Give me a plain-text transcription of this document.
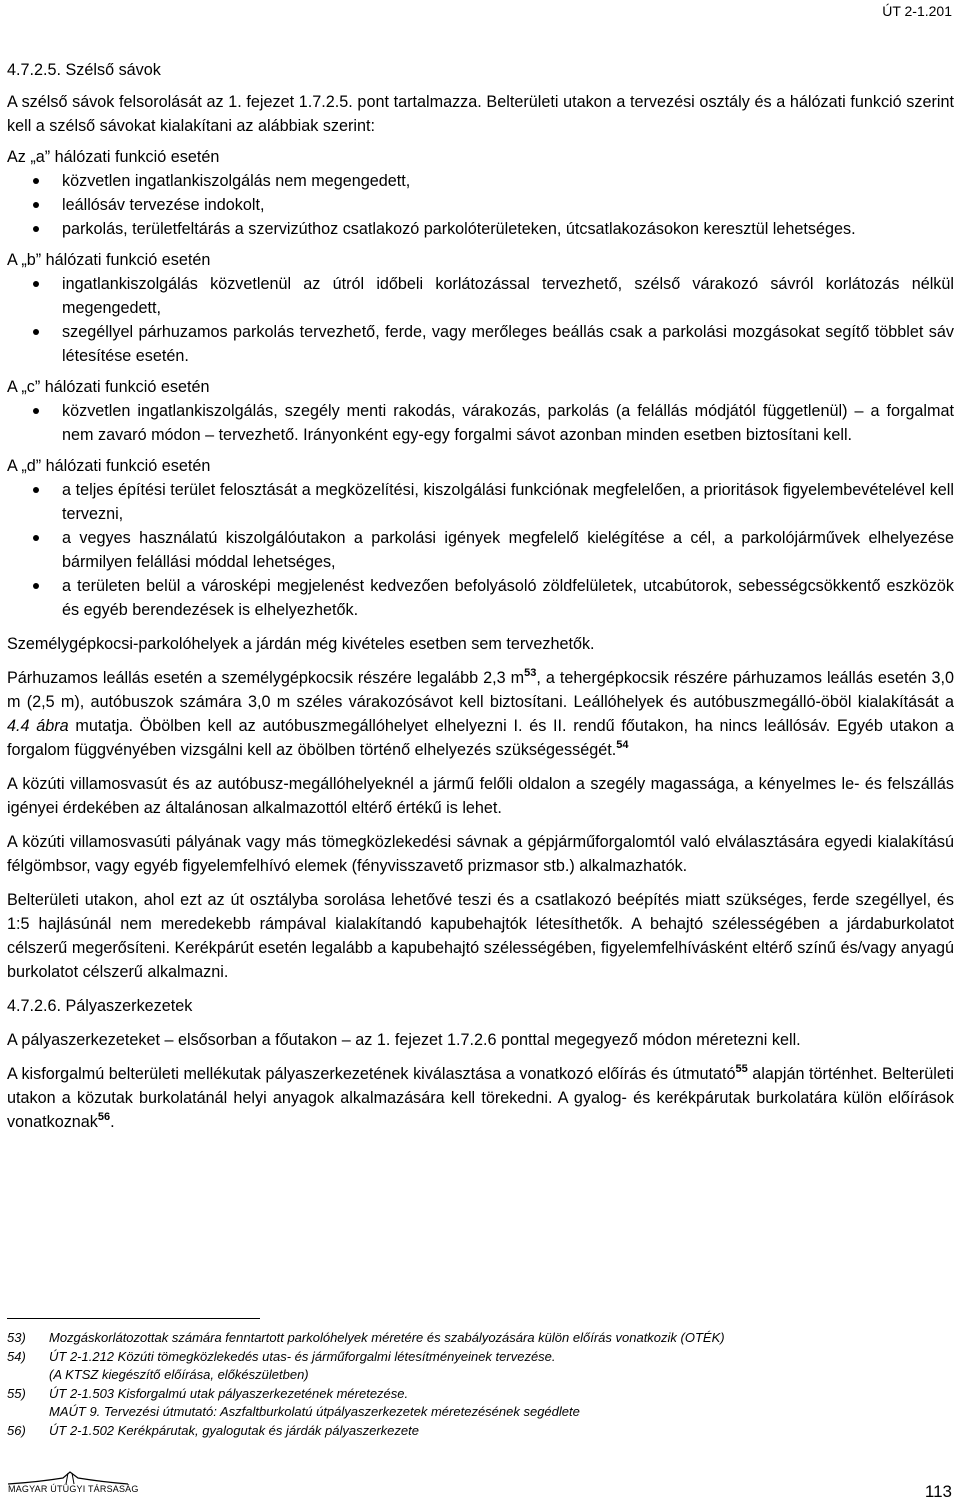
ÚT 2-1.201

4.7.2.5. Szélső sávok

A szélső sávok felsorolását az 1. fejezet 1.7.2.5. pont tartalmazza. Belterületi utakon a tervezési osztály és a hálózati funkció szerint kell a szélső sávokat kialakítani az alábbiak szerint:

Az „a” hálózati funkció esetén

közvetlen ingatlankiszolgálás nem megengedett,
leállósáv tervezése indokolt,
parkolás, területfeltárás a szervizúthoz csatlakozó parkolóterületeken, útcsatlakozásokon keresztül lehetséges.

A „b” hálózati funkció esetén

ingatlankiszolgálás közvetlenül az útról időbeli korlátozással tervezhető, szélső várakozó sávról korlátozás nélkül megengedett,
szegéllyel párhuzamos parkolás tervezhető, ferde, vagy merőleges beállás csak a parkolási mozgásokat segítő többlet sáv létesítése esetén.

A „c” hálózati funkció esetén

közvetlen ingatlankiszolgálás, szegély menti rakodás, várakozás, parkolás (a felállás módjától függetlenül) – a forgalmat nem zavaró módon – tervezhető. Irányonként egy-egy forgalmi sávot azonban minden esetben biztosítani kell.

A „d” hálózati funkció esetén

a teljes építési terület felosztását a megközelítési, kiszolgálási funkciónak megfelelően, a prioritások figyelembevételével kell tervezni,
a vegyes használatú kiszolgálóutakon a parkolási igények megfelelő kielégítése a cél, a parkolójárművek elhelyezése bármilyen felállási móddal lehetséges,
a területen belül a városképi megjelenést kedvezően befolyásoló zöldfelületek, utcabútorok, sebességcsökkentő eszközök és egyéb berendezések is elhelyezhetők.

Személygépkocsi-parkolóhelyek a járdán még kivételes esetben sem tervezhetők.

Párhuzamos leállás esetén a személygépkocsik részére legalább 2,3 $m^{53}$, a tehergépkocsik részére párhuzamos leállás esetén 3,0 m (2,5 m), autóbuszok számára 3,0 m széles várakozósávot kell biztosítani. Leállóhelyek és autóbuszmegálló-öböl kialakítását a 4.4 ábra mutatja. Öbölben kell az autóbuszmegállóhelyet elhelyezni I. és II. rendű főutakon, ha nincs leállósáv. Egyéb utakon a forgalom függvényében vizsgálni kell az öbölben történő elhelyezés szükségességét.$^{54}$

A közúti villamosvasút és az autóbusz-megállóhelyeknél a jármű felőli oldalon a szegély magassága, a kényelmes le- és felszállás igényei érdekében az általánosan alkalmazottól eltérő értékű is lehet.

A közúti villamosvasúti pályának vagy más tömegközlekedési sávnak a gépjárműforgalomtól való elválasztására egyedi kialakítású félgömbsor, vagy egyéb figyelemfelhívó elemek (fényvisszavető prizmasor stb.) alkalmazhatók.

Belterületi utakon, ahol ezt az út osztályba sorolása lehetővé teszi és a csatlakozó beépítés miatt szükséges, ferde szegéllyel, és 1:5 hajlásúnál nem meredekebb rámpával kialakítandó kapubehajtók létesíthetők. A behajtó szélességében a járdaburkolatot célszerű megerősíteni. Kerékpárút esetén legalább a kapubehajtó szélességében, figyelemfelhívásként eltérő színű és/vagy anyagú burkolatot célszerű alkalmazni.

4.7.2.6. Pályaszerkezetek

A pályaszerkezeteket – elsősorban a főutakon – az 1. fejezet 1.7.2.6 ponttal megegyező módon méretezni kell.

A kisforgalmú belterületi mellékutak pályaszerkezetének kiválasztása a vonatkozó előírás és útmutató$^{55}$ alapján történhet. Belterületi utakon a közutak burkolatánál helyi anyagok alkalmazására kell törekedni. A gyalog- és kerékpárutak burkolatára külön előírások vonatkoznak$^{56}$.

53)	Mozgáskorlátozottak számára fenntartott parkolóhelyek méretére és szabályozására külön előírás vonatkozik (OTÉK)
54)	ÚT 2-1.212 Közúti tömegközlekedés utas- és járműforgalmi létesítményeinek tervezése.
(A KTSZ kiegészítő előírása, előkészületben)
55)	ÚT 2-1.503 Kisforgalmú utak pályaszerkezetének méretezése.
MAÚT 9. Tervezési útmutató: Aszfaltburkolatú útpályaszerkezetek méretezésének segédlete
56)	ÚT 2-1.502 Kerékpárutak, gyalogutak és járdák pályaszerkezete
MAGYAR ÚTÜGYI TÁRSASÁG	113
